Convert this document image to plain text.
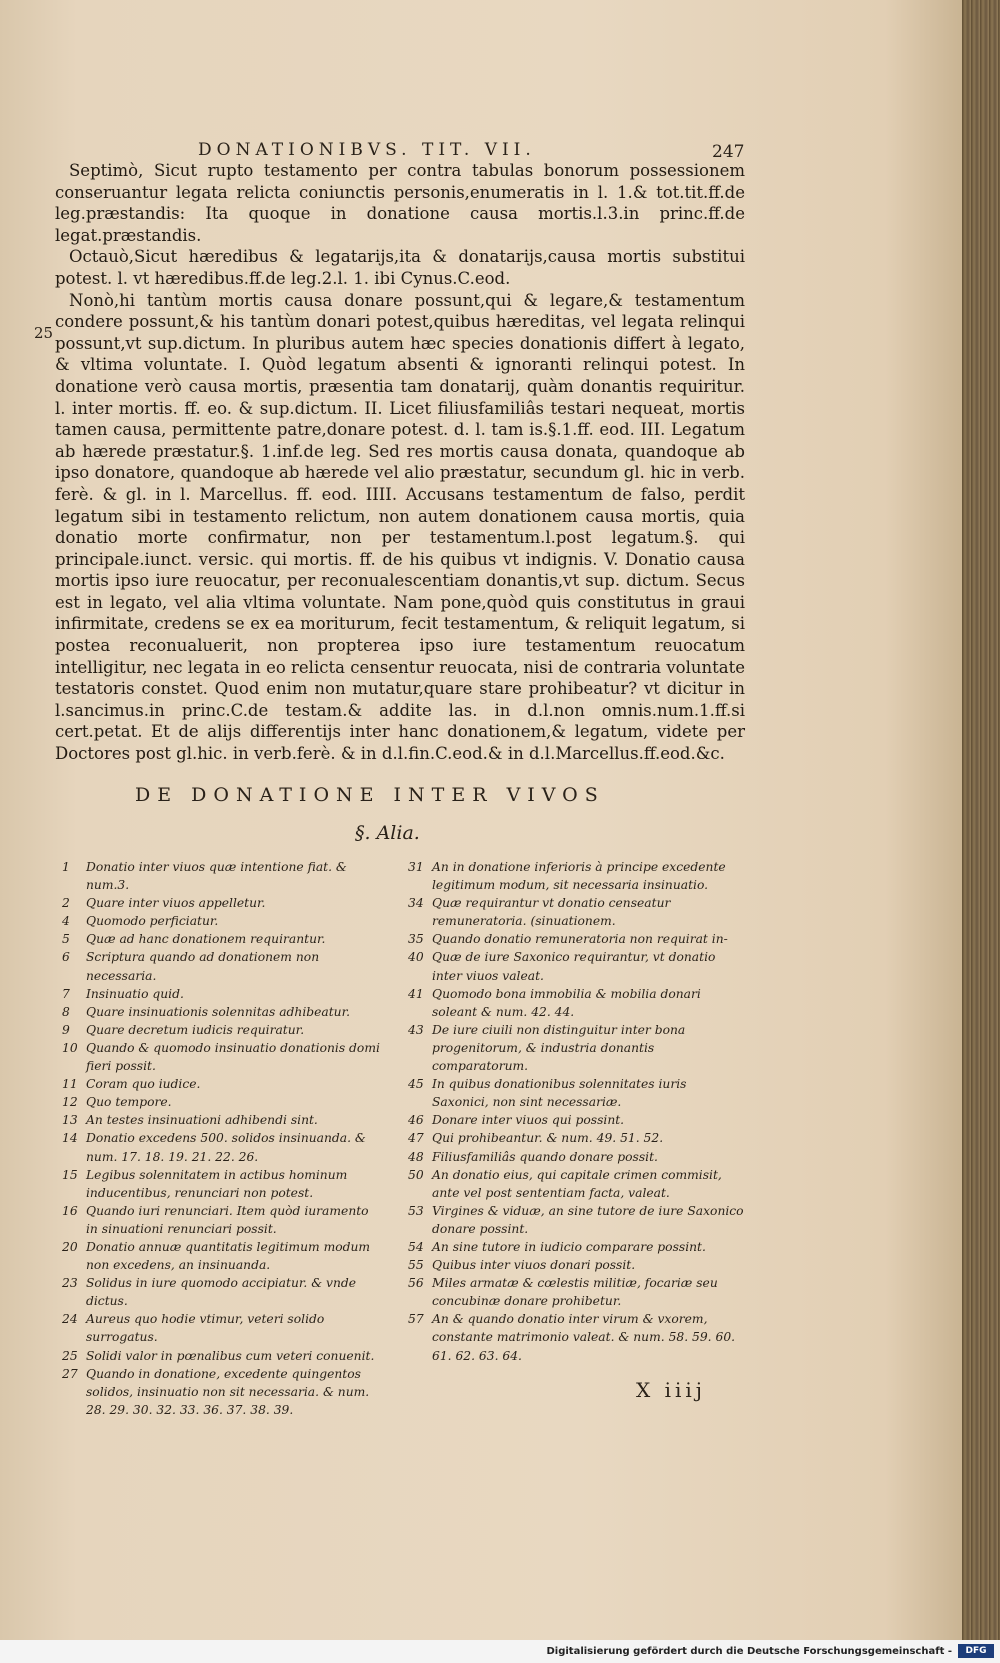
DONATIONIBVS. TIT. VII.	247
25

Septimò, Sicut rupto testamento per contra tabulas bonorum possessionem conseruantur legata relicta coniunctis personis,enumeratis in l. 1.& tot.tit.ff.de leg.præstandis: Ita quoque in donatione causa mortis.l.3.in princ.ff.de legat.præstandis.

Octauò,Sicut hæredibus & legatarijs,ita & donatarijs,causa mortis substitui potest. l. vt hæredibus.ff.de leg.2.l. 1. ibi Cynus.C.eod.

Nonò,hi tantùm mortis causa donare possunt,qui & legare,& testamentum condere possunt,& his tantùm donari potest,quibus hæreditas, vel legata relinqui possunt,vt sup.dictum. In pluribus autem hæc species donationis differt à legato, & vltima voluntate. I. Quòd legatum absenti & ignoranti relinqui potest. In donatione verò causa mortis, præsentia tam donatarij, quàm donantis requiritur. l. inter mortis. ff. eo. & sup.dictum. II. Licet filiusfamiliâs testari nequeat, mortis tamen causa, permittente patre,donare potest. d. l. tam is.§.1.ff. eod. III. Legatum ab hærede præstatur.§. 1.inf.de leg. Sed res mortis causa donata, quandoque ab ipso donatore, quandoque ab hærede vel alio præstatur, secundum gl. hic in verb. ferè. & gl. in l. Marcellus. ff. eod. IIII. Accusans testamentum de falso, perdit legatum sibi in testamento relictum, non autem donationem causa mortis, quia donatio morte confirmatur, non per testamentum.l.post legatum.§. qui principale.iunct. versic. qui mortis. ff. de his quibus vt indignis. V. Donatio causa mortis ipso iure reuocatur, per reconualescentiam donantis,vt sup. dictum. Secus est in legato, vel alia vltima voluntate. Nam pone,quòd quis constitutus in graui infirmitate, credens se ex ea moriturum, fecit testamentum, & reliquit legatum, si postea reconualuerit, non propterea ipso iure testamentum reuocatum intelligitur, nec legata in eo relicta censentur reuocata, nisi de contraria voluntate testatoris constet. Quod enim non mutatur,quare stare prohibeatur? vt dicitur in l.sancimus.in princ.C.de testam.& addite las. in d.l.non omnis.num.1.ff.si cert.petat. Et de alijs differentijs inter hanc donationem,& legatum, videte per Doctores post gl.hic. in verb.ferè. & in d.l.fin.C.eod.& in d.l.Marcellus.ff.eod.&c.

DE DONATIONE INTER VIVOS
§. Alia.
1	Donatio inter viuos quæ intentione fiat. & num.3.
2	Quare inter viuos appelletur.
4	Quomodo perficiatur.
5	Quæ ad hanc donationem requirantur.
6	Scriptura quando ad donationem non necessaria.
7	Insinuatio quid.
8	Quare insinuationis solennitas adhibeatur.
9	Quare decretum iudicis requiratur.
10 Quando & quomodo insinuatio donationis domi fieri possit.
11 Coram quo iudice.
12 Quo tempore.
13 An testes insinuationi adhibendi sint.
14 Donatio excedens 500. solidos insinuanda. & num. 17. 18. 19. 21. 22. 26.
15 Legibus solennitatem in actibus hominum inducentibus, renunciari non potest.
16 Quando iuri renunciari. Item quòd iuramento in sinuationi renunciari possit.
20 Donatio annuæ quantitatis legitimum modum non excedens, an insinuanda.
23 Solidus in iure quomodo accipiatur. & vnde dictus.
24 Aureus quo hodie vtimur, veteri solido surrogatus.
25 Solidi valor in pœnalibus cum veteri conuenit.
27 Quando in donatione, excedente quingentos solidos, insinuatio non sit necessaria. & num. 28. 29. 30. 32. 33. 36. 37. 38. 39.
31 An in donatione inferioris à principe excedente legitimum modum, sit necessaria insinuatio.
34 Quæ requirantur vt donatio censeatur remuneratoria. (sinuationem.
35 Quando donatio remuneratoria non requirat in-
40 Quæ de iure Saxonico requirantur, vt donatio inter viuos valeat.
41 Quomodo bona immobilia & mobilia donari soleant & num. 42. 44.
43 De iure ciuili non distinguitur inter bona progenitorum, & industria donantis comparatorum.
45 In quibus donationibus solennitates iuris Saxonici, non sint necessariæ.
46 Donare inter viuos qui possint.
47 Qui prohibeantur. & num. 49. 51. 52.
48 Filiusfamiliâs quando donare possit.
50 An donatio eius, qui capitale crimen commisit, ante vel post sententiam facta, valeat.
53 Virgines & viduæ, an sine tutore de iure Saxonico donare possint.
54 An sine tutore in iudicio comparare possint.
55 Quibus inter viuos donari possit.
56 Miles armatæ & cœlestis militiæ, focariæ seu concubinæ donare prohibetur.
57 An & quando donatio inter virum & vxorem, constante matrimonio valeat. & num. 58. 59. 60. 61. 62. 63. 64.
X iiij
Digitalisierung gefördert durch die Deutsche Forschungsgemeinschaft -	DFG
